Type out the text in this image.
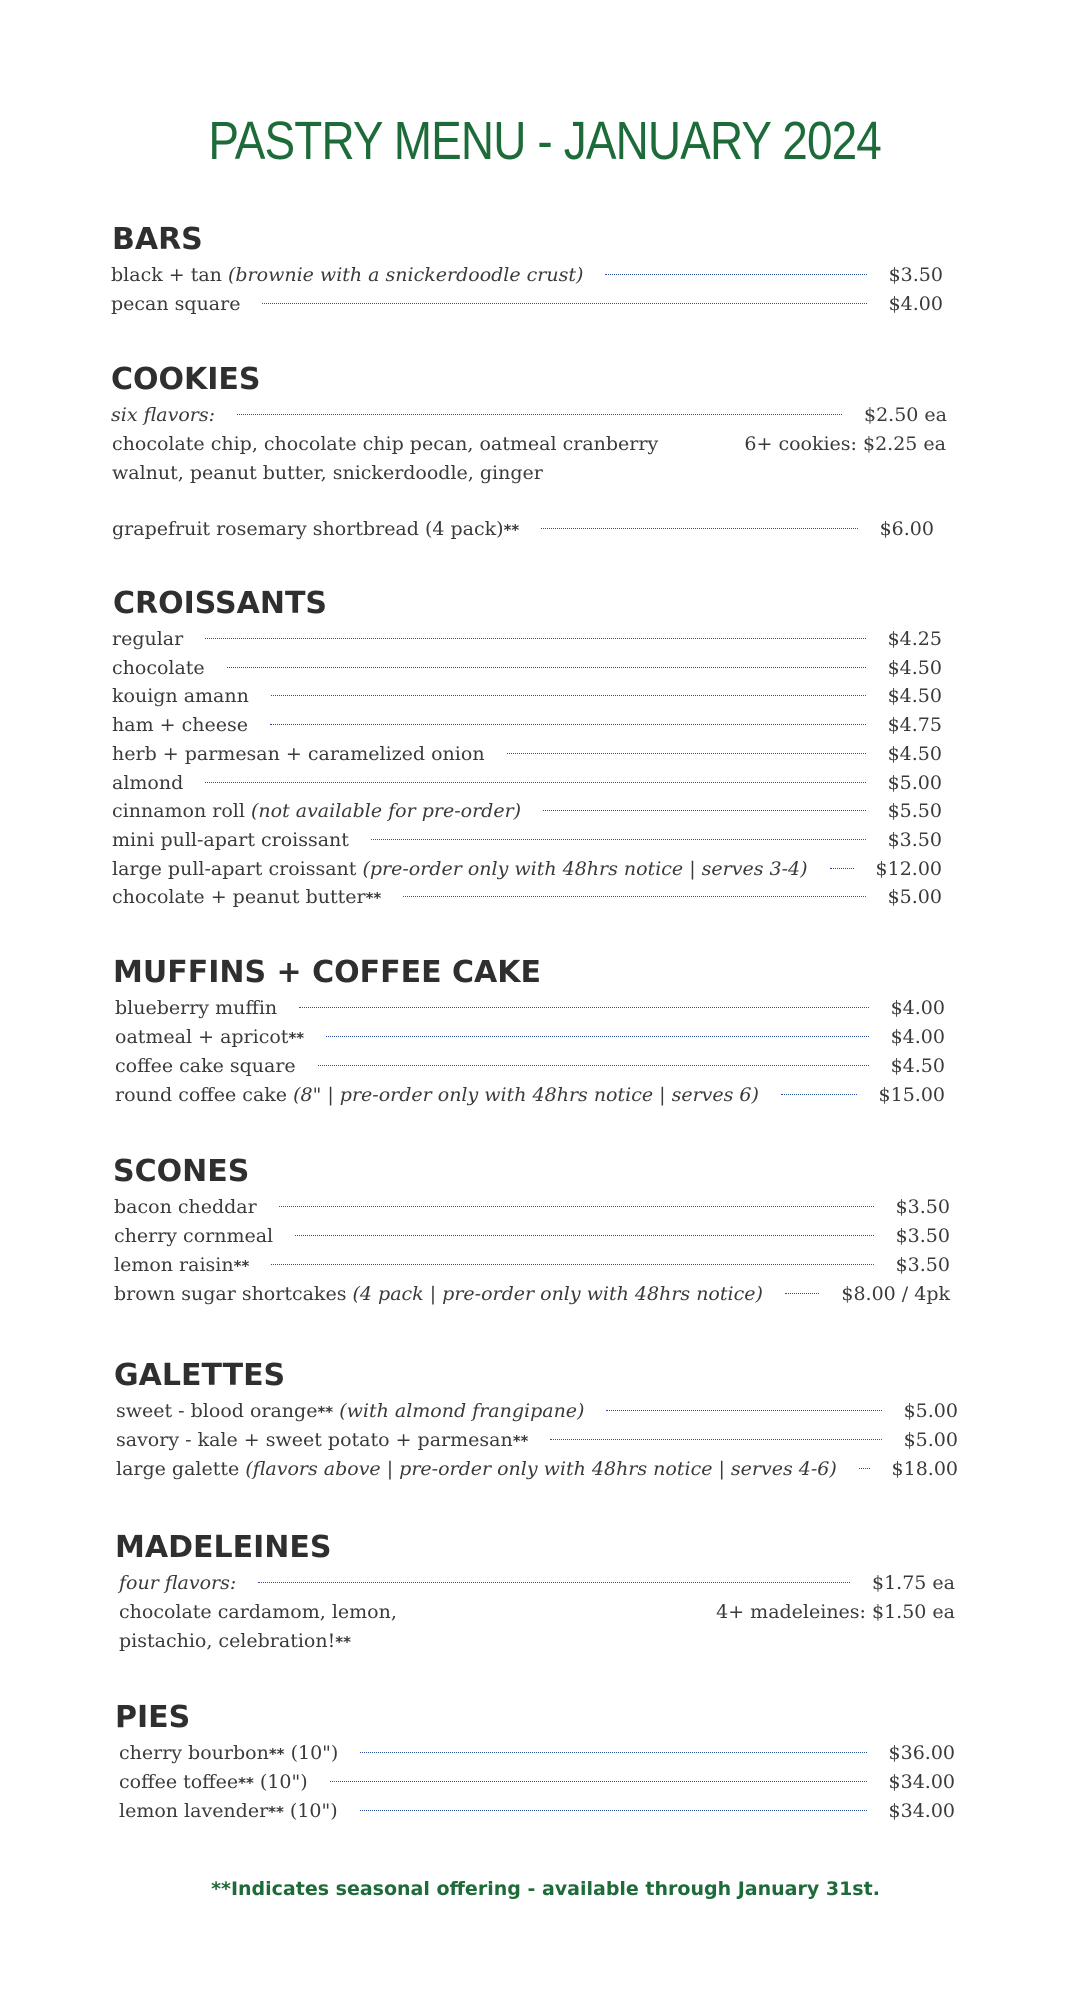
PASTRY MENU - JANUARY 2024
BARS
black + tan (brownie with a snickerdoodle crust)	$3.50
pecan square	$4.00
COOKIES
six flavors:	$2.50 ea
chocolate chip, chocolate chip pecan, oatmeal cranberry	6+ cookies: $2.25 ea
walnut, peanut butter, snickerdoodle, ginger
grapefruit rosemary shortbread (4 pack)**	$6.00
CROISSANTS
regular	$4.25
chocolate	$4.50
kouign amann	$4.50
ham + cheese	$4.75
herb + parmesan + caramelized onion	$4.50
almond	$5.00
cinnamon roll (not available for pre-order)	$5.50
mini pull-apart croissant	$3.50
large pull-apart croissant (pre-order only with 48hrs notice | serves 3-4)	$12.00
chocolate + peanut butter**	$5.00
MUFFINS + COFFEE CAKE
blueberry muffin	$4.00
oatmeal + apricot**	$4.00
coffee cake square	$4.50
round coffee cake (8" | pre-order only with 48hrs notice | serves 6)	$15.00
SCONES
bacon cheddar	$3.50
cherry cornmeal	$3.50
lemon raisin**	$3.50
brown sugar shortcakes (4 pack | pre-order only with 48hrs notice)	$8.00 / 4pk
GALETTES
sweet - blood orange** (with almond frangipane)	$5.00
savory - kale + sweet potato + parmesan**	$5.00
large galette (flavors above | pre-order only with 48hrs notice | serves 4-6)	$18.00
MADELEINES
four flavors:	$1.75 ea
chocolate cardamom, lemon,	4+ madeleines: $1.50 ea
pistachio, celebration!**
PIES
cherry bourbon** (10")	$36.00
coffee toffee** (10")	$34.00
lemon lavender** (10")	$34.00
**Indicates seasonal offering - available through January 31st.
